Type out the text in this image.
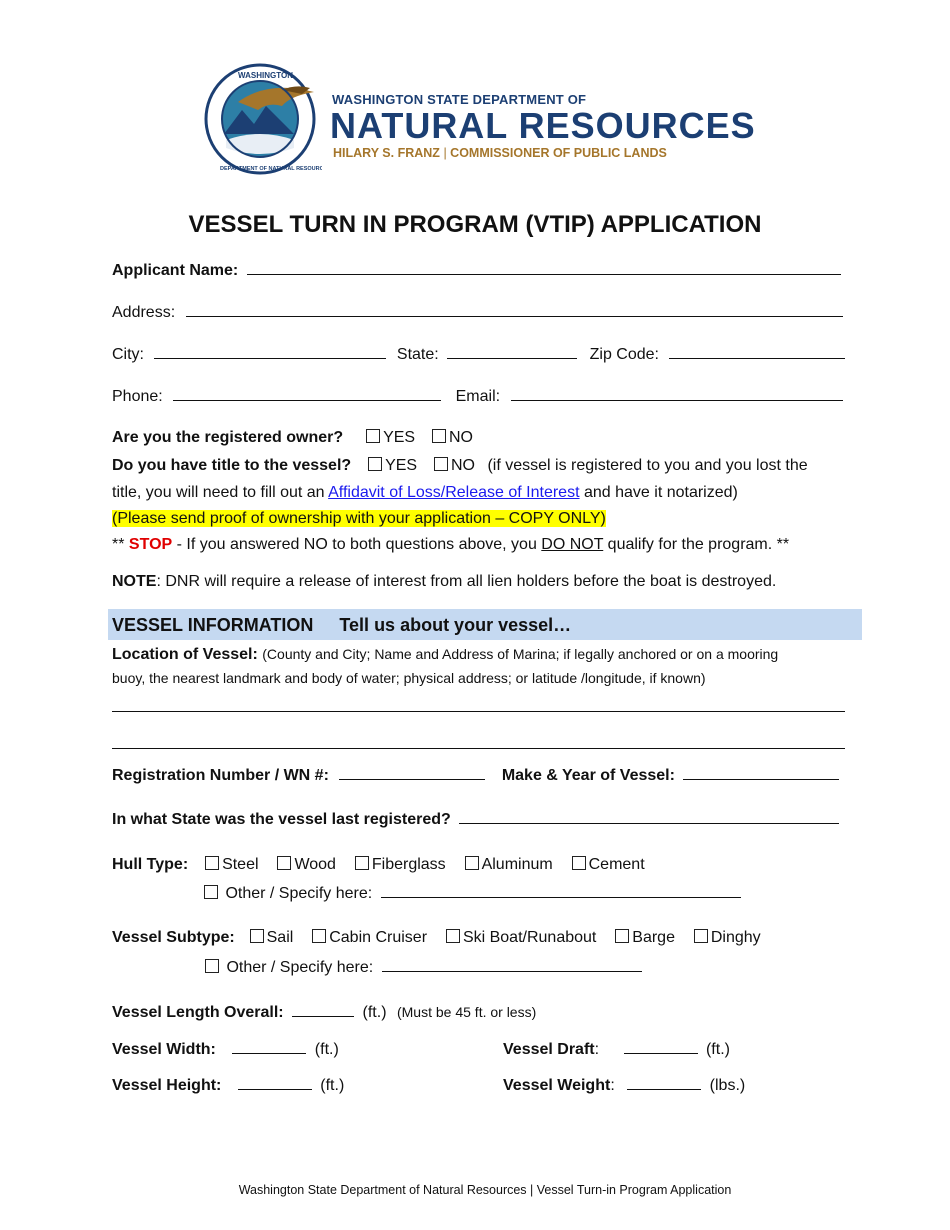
WASHINGTON
DEPARTMENT OF NATURAL RESOURCES
WASHINGTON STATE DEPARTMENT OF
NATURAL RESOURCES
HILARY S. FRANZ | COMMISSIONER OF PUBLIC LANDS
VESSEL TURN IN PROGRAM (VTIP) APPLICATION
Applicant Name:
Address:
City:	State:	Zip Code:
Phone:	Email:
Are you the registered owner? YES NO
Do you have title to the vessel? YES NO (if vessel is registered to you and you lost the
title, you will need to fill out an Affidavit of Loss/Release of Interest and have it notarized)
(Please send proof of ownership with your application – COPY ONLY)
** STOP - If you answered NO to both questions above, you DO NOT qualify for the program. **
NOTE: DNR will require a release of interest from all lien holders before the boat is destroyed.
VESSEL INFORMATION Tell us about your vessel…
Location of Vessel: (County and City; Name and Address of Marina; if legally anchored or on a mooring
buoy, the nearest landmark and body of water; physical address; or latitude /longitude, if known)
Registration Number / WN #:	Make & Year of Vessel:
In what State was the vessel last registered?
Hull Type: Steel Wood Fiberglass Aluminum Cement
Other / Specify here:
Vessel Subtype: Sail Cabin Cruiser Ski Boat/Runabout Barge Dinghy
Other / Specify here:
Vessel Length Overall:	(ft.) (Must be 45 ft. or less)
Vessel Width:	(ft.)	Vessel Draft:	(ft.)
Vessel Height:	(ft.)	Vessel Weight:	(lbs.)
Washington State Department of Natural Resources | Vessel Turn-in Program Application
